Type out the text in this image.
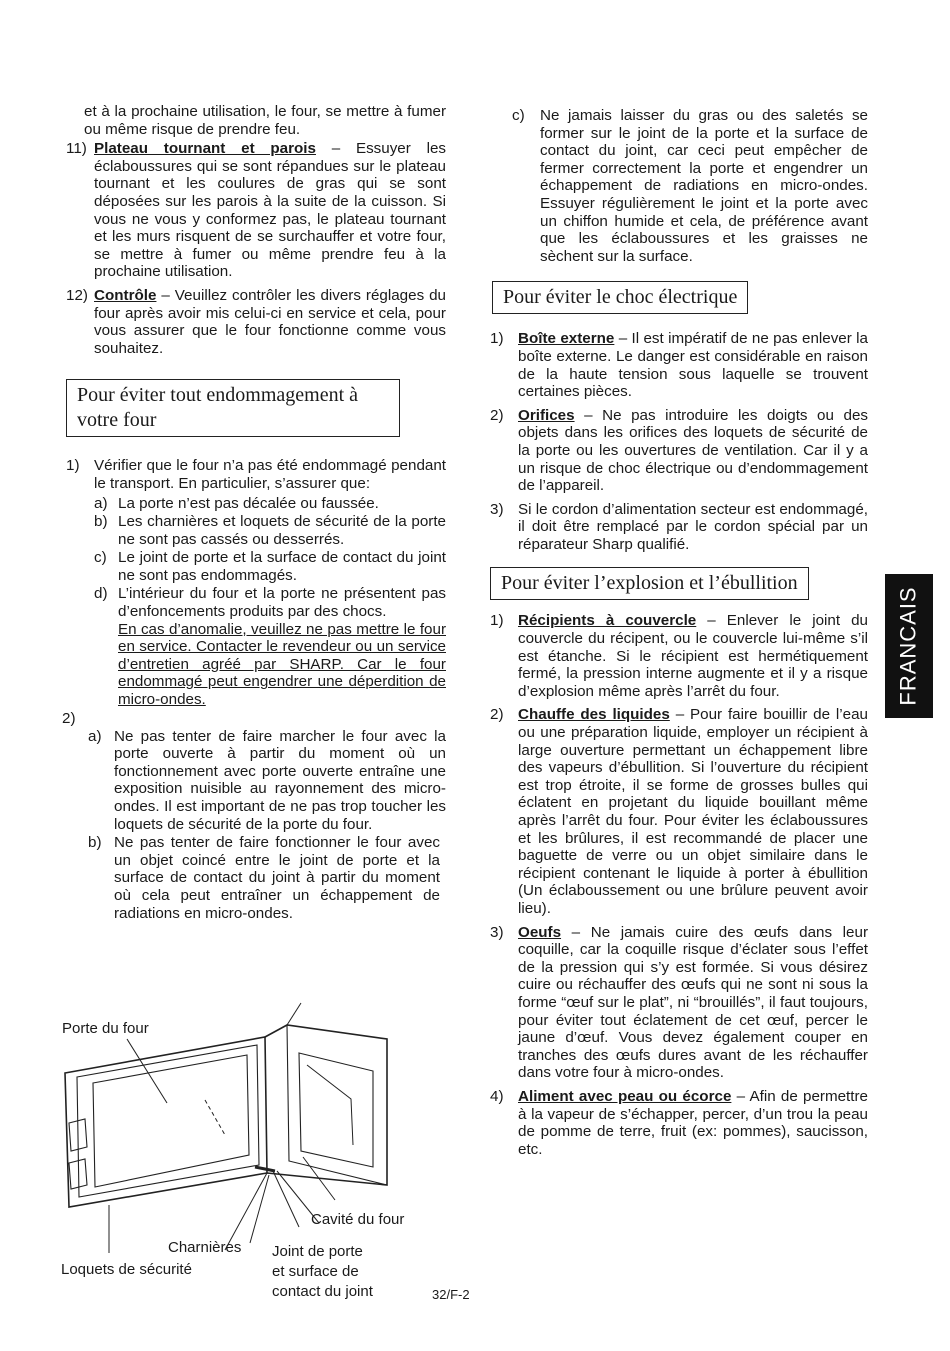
et à la prochaine utilisation, le four, se mettre à fumer ou même risque de prendre feu.

11) Plateau tournant et parois – Essuyer les éclaboussures qui se sont répandues sur le plateau tournant et les coulures de gras qui se sont déposées sur les parois à la suite de la cuisson. Si vous ne vous y conformez pas, le plateau tournant et les murs risquent de se surchauffer et votre four, se mettre à fumer ou même prendre feu à la prochaine utilisation.

12) Contrôle – Veuillez contrôler les divers réglages du four après avoir mis celui-ci en service et cela, pour vous assurer que le four fonctionne comme vous souhaitez.

Pour éviter tout endommagement à votre four
1) Vérifier que le four n’a pas été endommagé pendant le transport. En particulier, s’assurer que:

a) La porte n’est pas décalée ou faussée.

b) Les charnières et loquets de sécurité de la porte ne sont pas cassés ou desserrés.

c) Le joint de porte et la surface de contact du joint ne sont pas endommagés.

d) L’intérieur du four et la porte ne présentent pas d’enfoncements produits par des chocs.

En cas d’anomalie, veuillez ne pas mettre le four en service. Contacter le revendeur ou un service d’entretien agréé par SHARP. Car le four endommagé peut engendrer une déperdition de micro-ondes.

2)
a) Ne pas tenter de faire marcher le four avec la porte ouverte à partir du moment où un fonctionnement avec porte ouverte entraîne une exposition nuisible au rayonnement des micro-ondes. Il est important de ne pas trop toucher les loquets de sécurité de la porte du four.

b) Ne pas tenter de faire fonctionner le four avec un objet coincé entre le joint de porte et la surface de contact du joint à partir du moment où cela peut entraîner un échappement de radiations en micro-ondes.

Porte du four
Cavité du four
Charnières
Loquets de sécurité
Joint de porte
et surface de
contact du joint
c) Ne jamais laisser du gras ou des saletés se former sur le joint de la porte et la surface de contact du joint, car ceci peut empêcher de fermer correctement la porte et engendrer un échappement de radiations en micro-ondes. Essuyer régulièrement le joint et la porte avec un chiffon humide et cela, de préférence avant que les éclaboussures et les graisses ne sèchent sur la surface.

Pour éviter le choc électrique
1) Boîte externe – Il est impératif de ne pas enlever la boîte externe. Le danger est considérable en raison de la haute tension sous laquelle se trouvent certaines pièces.

2) Orifices – Ne pas introduire les doigts ou des objets dans les orifices des loquets de sécurité de la porte ou les ouvertures de ventilation. Car il y a un risque de choc électrique ou d’endommagement de l’appareil.

3) Si le cordon d’alimentation secteur est endommagé, il doit être remplacé par le cordon spécial par un réparateur Sharp qualifié.

Pour éviter l’explosion et l’ébullition
1) Récipients à couvercle – Enlever le joint du couvercle du récipent, ou le couvercle lui-même s’il est étanche. Si le récipient est hermétiquement fermé, la pression interne augmente et il y a risque d’explosion même après l’arrêt du four.

2) Chauffe des liquides – Pour faire bouillir de l’eau ou une préparation liquide, employer un récipient à large ouverture permettant un échappement libre des vapeurs d’ébullition. Si l’ouverture du récipient est trop étroite, il se forme de grosses bulles qui éclatent en projetant du liquide bouillant même après l’arrêt du four. Pour éviter les éclaboussures et les brûlures, il est recommandé de placer une baguette de verre ou un objet similaire dans le récipient contenant le liquide à porter à ébullition (Un éclaboussement ou une brûlure peuvent avoir lieu).

3) Oeufs – Ne jamais cuire des œufs dans leur coquille, car la coquille risque d’éclater sous l’effet de la pression qui s’y est formée. Si vous désirez cuire ou réchauffer des œufs qui ne sont ni sous la forme “œuf sur le plat”, ni “brouillés”, il faut toujours, pour éviter tout éclatement de cet œuf, percer le jaune d’œuf. Vous devez également couper en tranches des œufs dures avant de les réchauffer dans votre four à micro-ondes.

4) Aliment avec peau ou écorce – Afin de permettre à la vapeur de s’échapper, percer, d’un trou la peau de pomme de terre, fruit (ex: pommes), saucisson, etc.

FRANCAIS
32/F-2
